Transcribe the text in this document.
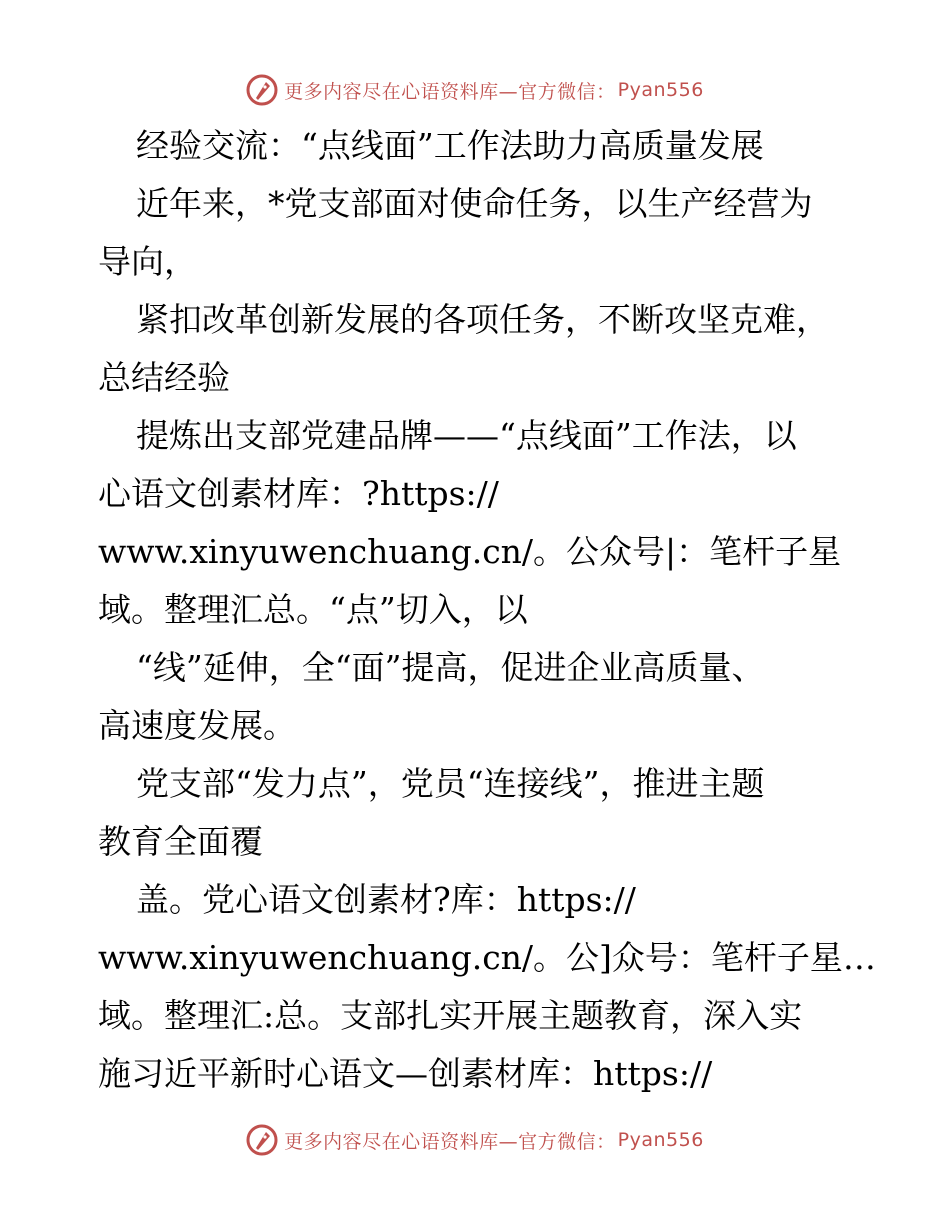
更多内容尽在心语资料库—官方微信： Pyan556
经验交流：“点线面”工作法助力高质量发展
近年来，*党支部面对使命任务，以生产经营为
导向，
紧扣改革创新发展的各项任务，不断攻坚克难，
总结经验
提炼出支部党建品牌——“点线面”工作法，以
心语文创素材库：?https://
www.xinyuwenchuang.cn/。公众号|：笔杆子星
域。整理汇总。“点”切入，以
“线”延伸，全“面”提高，促进企业高质量、
高速度发展。
党支部“发力点”，党员“连接线”，推进主题
教育全面覆
盖。党心语文创素材?库：https://
www.xinyuwenchuang.cn/。公]众号：笔杆子星…
域。整理汇:总。支部扎实开展主题教育，深入实
施习近平新时心语文—创素材库：https://
更多内容尽在心语资料库—官方微信： Pyan556
